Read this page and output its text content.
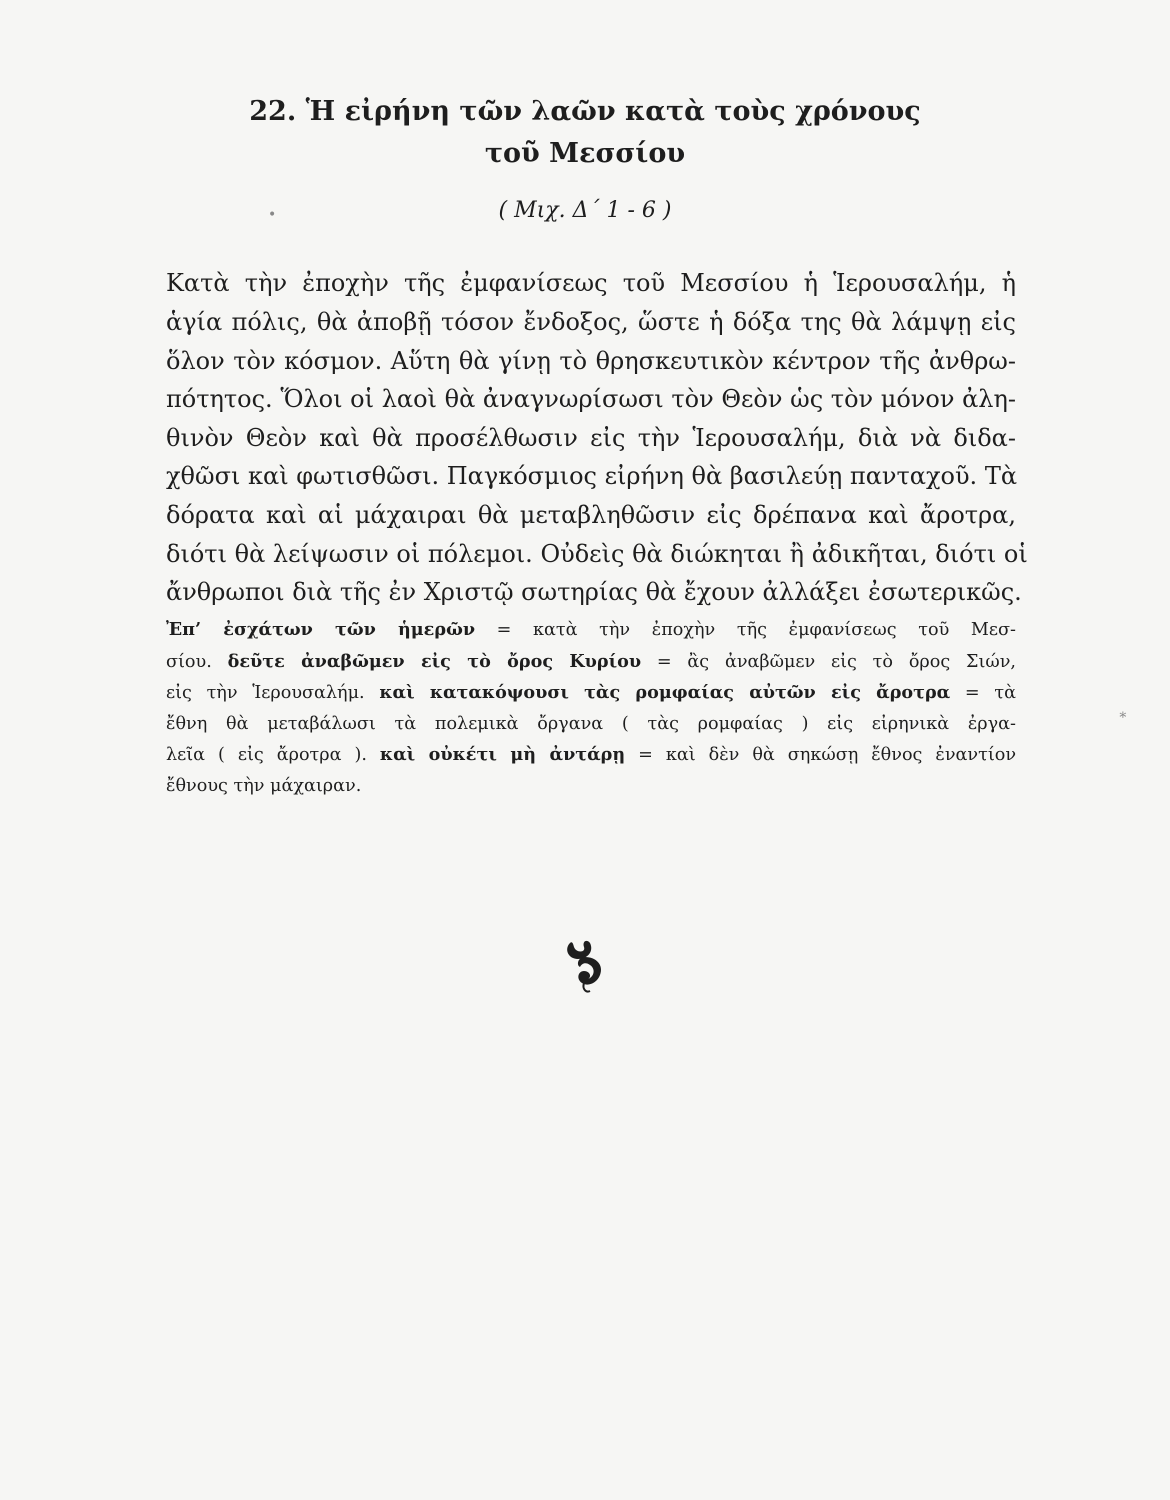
22. Ἡ εἰρήνη τῶν λαῶν κατὰ τοὺς χρόνους
τοῦ Μεσσίου
( Μιχ. Δ΄ 1 - 6 )
Κατὰ τὴν ἐποχὴν τῆς ἐμφανίσεως τοῦ Μεσσίου ἡ Ἱερουσαλήμ, ἡ
ἁγία πόλις, θὰ ἀποβῇ τόσον ἔνδοξος, ὥστε ἡ δόξα της θὰ λάμψῃ εἰς
ὅλον τὸν κόσμον. Αὕτη θὰ γίνῃ τὸ θρησκευτικὸν κέντρον τῆς ἀνθρω-
πότητος. Ὅλοι οἱ λαοὶ θὰ ἀναγνωρίσωσι τὸν Θεὸν ὡς τὸν μόνον ἀλη-
θινὸν Θεὸν καὶ θὰ προσέλθωσιν εἰς τὴν Ἱερουσαλήμ, διὰ νὰ διδα-
χθῶσι καὶ φωτισθῶσι. Παγκόσμιος εἰρήνη θὰ βασιλεύῃ πανταχοῦ. Τὰ
δόρατα καὶ αἱ μάχαιραι θὰ μεταβληθῶσιν εἰς δρέπανα καὶ ἄροτρα,
διότι θὰ λείψωσιν οἱ πόλεμοι. Οὐδεὶς θὰ διώκηται ἢ ἀδικῆται, διότι οἱ
ἄνθρωποι διὰ τῆς ἐν Χριστῷ σωτηρίας θὰ ἔχουν ἀλλάξει ἐσωτερικῶς.
Ἐπ’ ἐσχάτων τῶν ἡμερῶν = κατὰ τὴν ἐποχὴν τῆς ἐμφανίσεως τοῦ Μεσ-
σίου. δεῦτε ἀναβῶμεν εἰς τὸ ὄρος Κυρίου = ἂς ἀναβῶμεν εἰς τὸ ὄρος Σιών,
εἰς τὴν Ἱερουσαλήμ. καὶ κατακόψουσι τὰς ρομφαίας αὐτῶν εἰς ἄροτρα = τὰ
ἔθνη θὰ μεταβάλωσι τὰ πολεμικὰ ὄργανα ( τὰς ρομφαίας ) εἰς εἰρηνικὰ ἐργα-
λεῖα ( εἰς ἄροτρα ). καὶ οὐκέτι μὴ ἀντάρῃ = καὶ δὲν θὰ σηκώσῃ ἔθνος ἐναντίον
ἔθνους τὴν μάχαιραν.
•
∗
